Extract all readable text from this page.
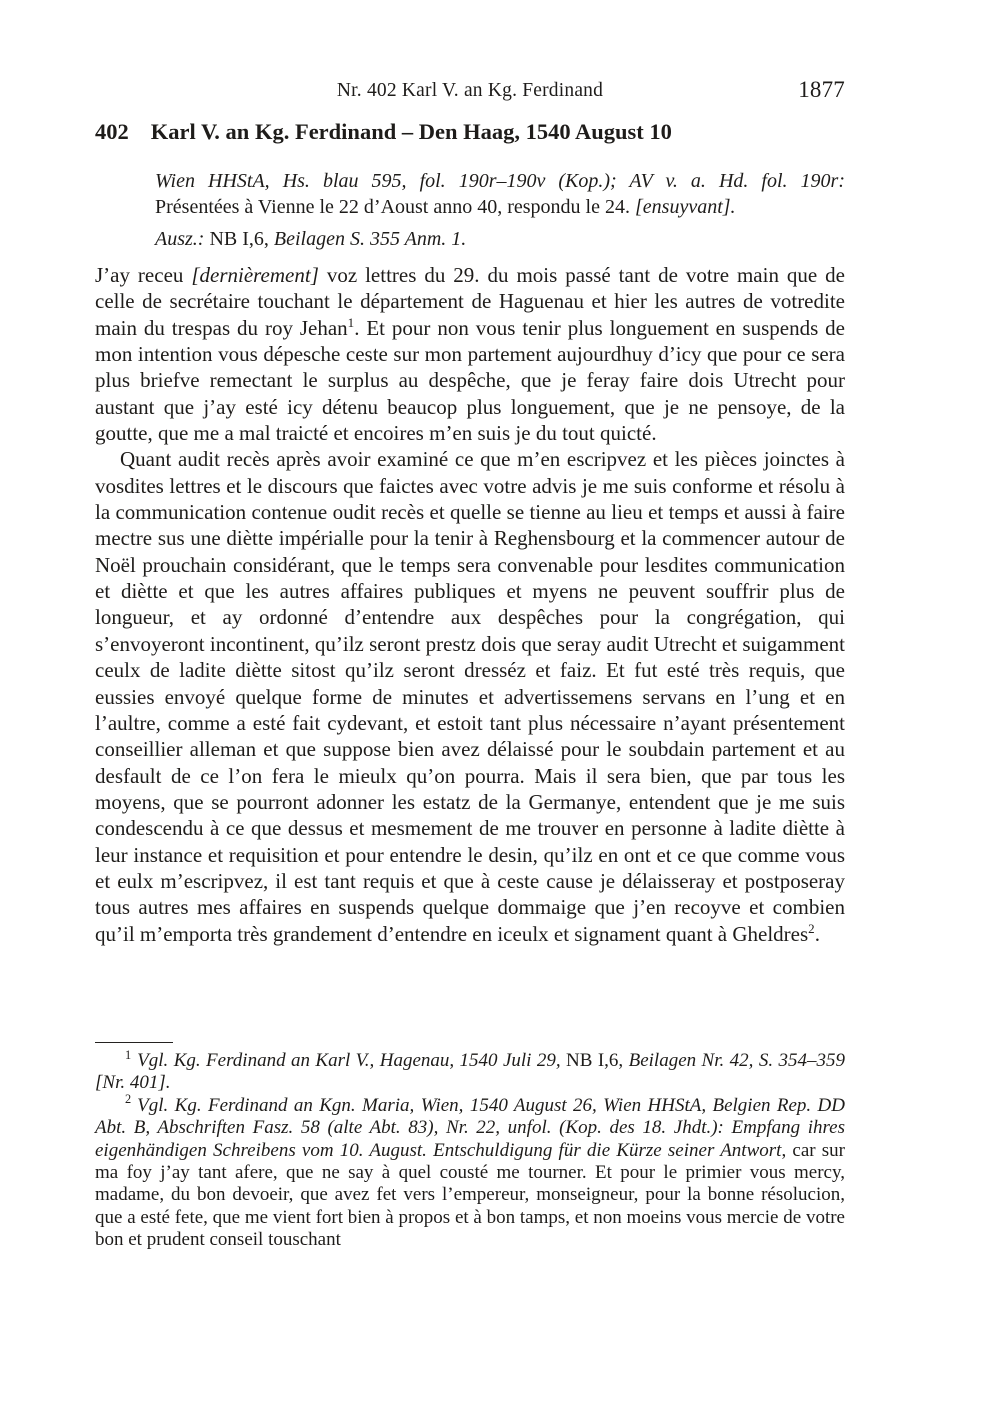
Nr. 402 Karl V. an Kg. Ferdinand	1877
402 Karl V. an Kg. Ferdinand – Den Haag, 1540 August 10

Wien HHStA, Hs. blau 595, fol. 190r–190v (Kop.); AV v. a. Hd. fol. 190r:

Présentées à Vienne le 22 d’Aoust anno 40, respondu le 24. [ensuyvant].

Ausz.: NB I,6, Beilagen S. 355 Anm. 1.

J’ay receu [dernièrement] voz lettres du 29. du mois passé tant de votre main que de celle de secrétaire touchant le département de Haguenau et hier les autres de votredite main du trespas du roy Jehan$^1$. Et pour non vous tenir plus longuement en suspends de mon intention vous dépesche ceste sur mon partement aujourdhuy d’icy que pour ce sera plus briefve remectant le surplus au despêche, que je feray faire dois Utrecht pour austant que j’ay esté icy détenu beaucop plus longuement, que je ne pensoye, de la goutte, que me a mal traicté et encoires m’en suis je du tout quicté.

Quant audit recès après avoir examiné ce que m’en escripvez et les pièces joinctes à vosdites lettres et le discours que faictes avec votre advis je me suis conforme et résolu à la communication contenue oudit recès et quelle se tienne au lieu et temps et aussi à faire mectre sus une diètte impérialle pour la tenir à Reghensbourg et la commencer autour de Noël prouchain considérant, que le temps sera convenable pour lesdites communication et diètte et que les autres affaires publiques et myens ne peuvent souffrir plus de longueur, et ay ordonné d’entendre aux despêches pour la congrégation, qui s’envoyeront incontinent, qu’ilz seront prestz dois que seray audit Utrecht et suigamment ceulx de ladite diètte sitost qu’ilz seront dresséz et faiz. Et fut esté très requis, que eussies envoyé quelque forme de minutes et advertissemens servans en l’ung et en l’aultre, comme a esté fait cydevant, et estoit tant plus nécessaire n’ayant présentement conseillier alleman et que suppose bien avez délaissé pour le soubdain partement et au desfault de ce l’on fera le mieulx qu’on pourra. Mais il sera bien, que par tous les moyens, que se pourront adonner les estatz de la Germanye, entendent que je me suis condescendu à ce que dessus et mesmement de me trouver en personne à ladite diètte à leur instance et requisition et pour entendre le desin, qu’ilz en ont et ce que comme vous et eulx m’escripvez, il est tant requis et que à ceste cause je délaisseray et postposeray tous autres mes affaires en suspends quelque dommaige que j’en recoyve et combien qu’il m’emporta très grandement d’entendre en iceulx et signament quant à Gheldres$^2$.

$^1$ Vgl. Kg. Ferdinand an Karl V., Hagenau, 1540 Juli 29, NB I,6, Beilagen Nr. 42, S. 354–359 [Nr. 401].

$^2$ Vgl. Kg. Ferdinand an Kgn. Maria, Wien, 1540 August 26, Wien HHStA, Belgien Rep. DD Abt. B, Abschriften Fasz. 58 (alte Abt. 83), Nr. 22, unfol. (Kop. des 18. Jhdt.): Empfang ihres eigenhändigen Schreibens vom 10. August. Entschuldigung für die Kürze seiner Antwort, car sur ma foy j’ay tant afere, que ne say à quel cousté me tourner. Et pour le primier vous mercy, madame, du bon devoeir, que avez fet vers l’empereur, monseigneur, pour la bonne résolucion, que a esté fete, que me vient fort bien à propos et à bon tamps, et non moeins vous mercie de votre bon et prudent conseil touschant
